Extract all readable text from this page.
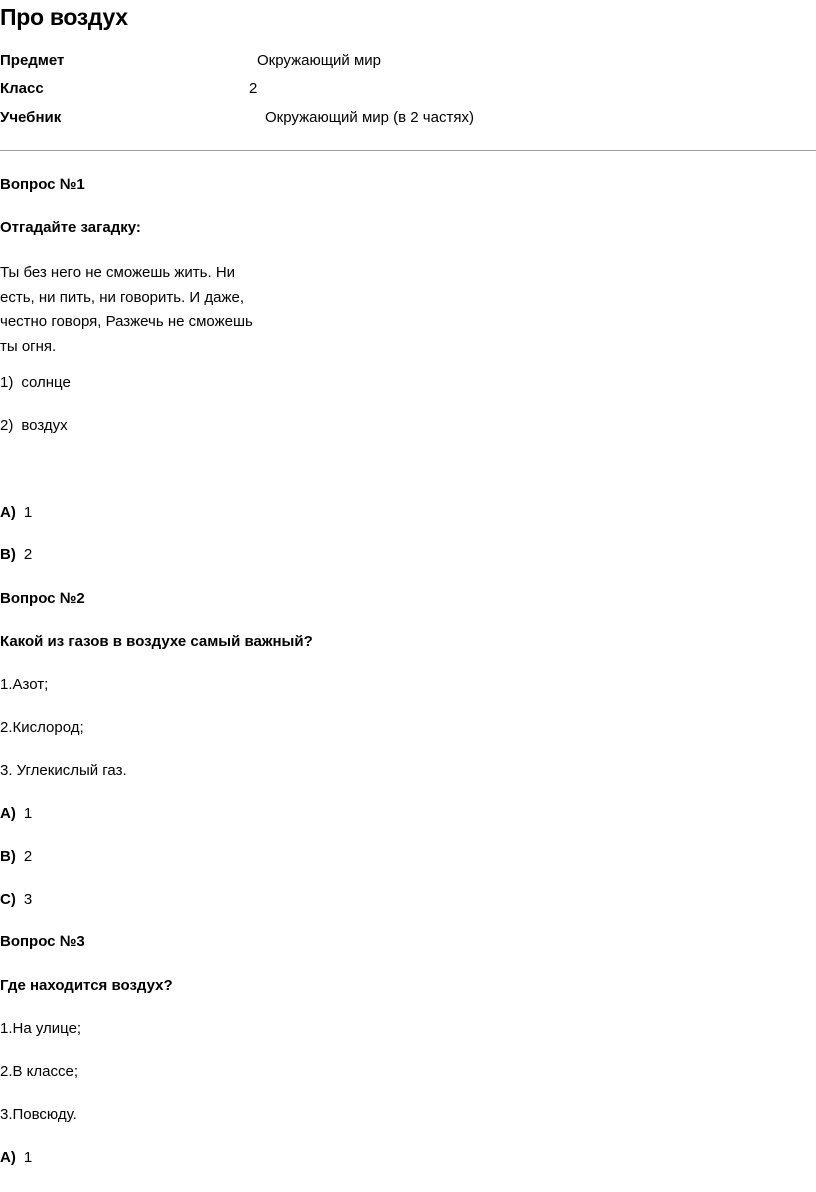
Про воздух
Предмет	Окружающий мир
Класс	2
Учебник	Окружающий мир (в 2 частях)
Вопрос №1
Отгадайте загадку:
Ты без него не сможешь жить. Ни есть, ни пить, ни говорить. И даже, честно говоря, Разжечь не сможешь ты огня.
1) солнце
2) воздух
A) 1
B) 2
Вопрос №2
Какой из газов в воздухе самый важный?
1.Азот;
2.Кислород;
3. Углекислый газ.
A) 1
B) 2
C) 3
Вопрос №3
Где находится воздух?
1.На улице;
2.В классе;
3.Повсюду.
A) 1
